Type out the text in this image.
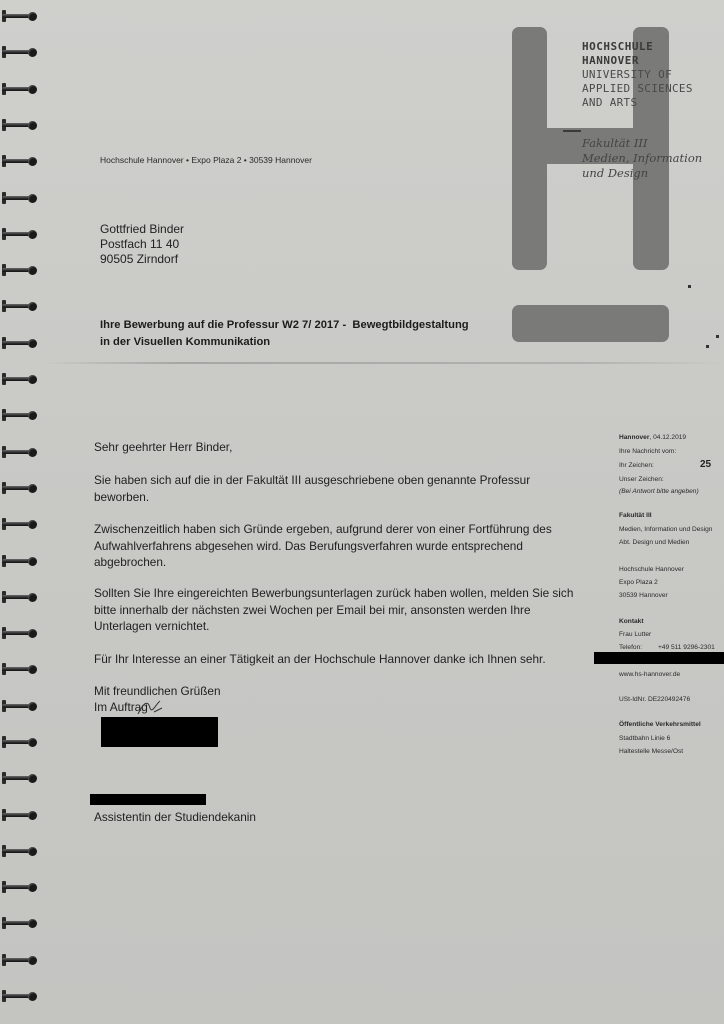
HOCHSCHULE
HANNOVER
UNIVERSITY OF
APPLIED SCIENCES
AND ARTS
Fakultät III
Medien, Information
und Design
Hochschule Hannover • Expo Plaza 2 • 30539 Hannover
Gottfried Binder
Postfach 11 40
90505 Zirndorf
Ihre Bewerbung auf die Professur W2 7/ 2017 -  Bewegtbildgestaltung
in der Visuellen Kommunikation
Sehr geehrter Herr Binder,
Sie haben sich auf die in der Fakultät III ausgeschriebene oben genannte Professur beworben.
Zwischenzeitlich haben sich Gründe ergeben, aufgrund derer von einer Fortführung des Aufwahlverfahrens abgesehen wird. Das Berufungsverfahren wurde entsprechend abgebrochen.
Sollten Sie Ihre eingereichten Bewerbungsunterlagen zurück haben wollen, melden Sie sich bitte innerhalb der nächsten zwei Wochen per Email bei mir, ansonsten werden Ihre Unterlagen vernichtet.
Für Ihr Interesse an einer Tätigkeit an der Hochschule Hannover danke ich Ihnen sehr.
Mit freundlichen Grüßen
Im Auftrag
Assistentin der Studiendekanin
Hannover, 04.12.2019
Ihre Nachricht vom:
Ihr Zeichen:	25
Unser Zeichen:
(Bei Antwort bitte angeben)
Fakultät III
Medien, Information und Design
Abt. Design und Medien
Hochschule Hannover
Expo Plaza 2
30539 Hannover
Kontakt
Frau Lutter
Telefon: +49 511 9296-2301
www.hs-hannover.de
USt-IdNr. DE220492476
Öffentliche Verkehrsmittel
Stadtbahn Linie 6
Haltestelle Messe/Ost
